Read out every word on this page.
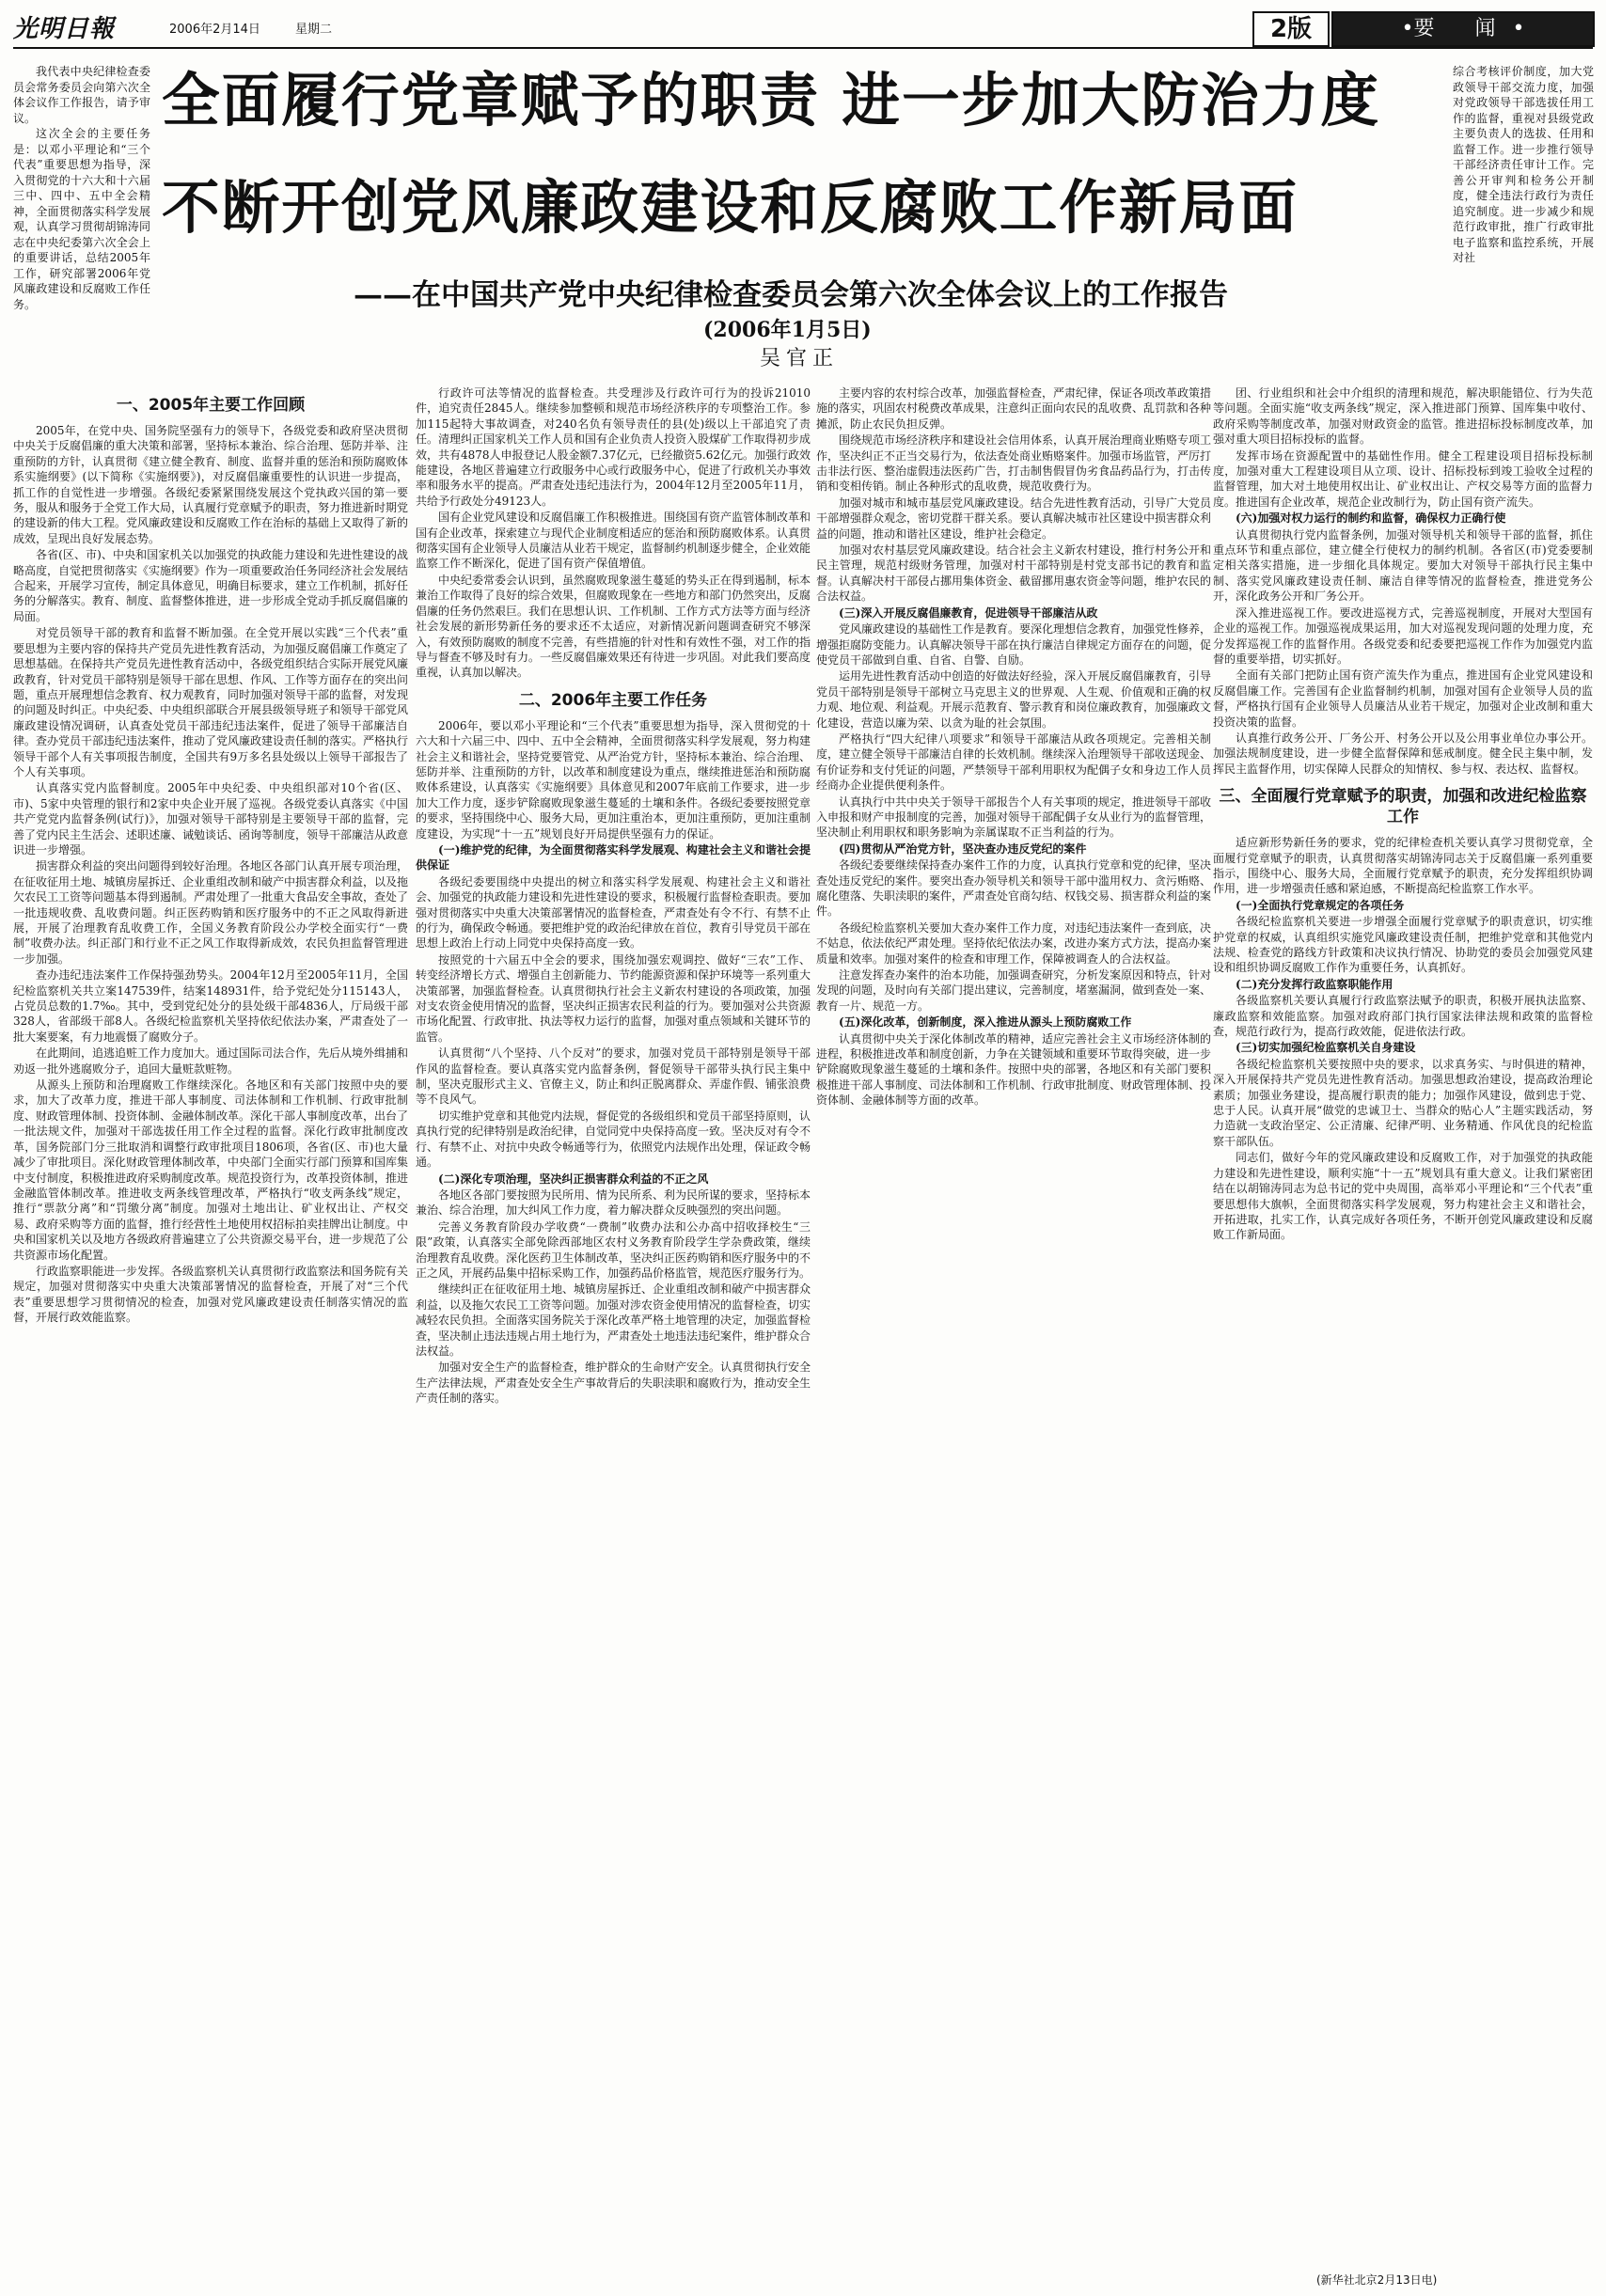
光明日報	2006年2月14日	星期二	2版	•要 闻•

我代表中央纪律检查委员会常务委员会向第六次全体会议作工作报告，请予审议。

这次全会的主要任务是：以邓小平理论和“三个代表”重要思想为指导，深入贯彻党的十六大和十六届三中、四中、五中全会精神，全面贯彻落实科学发展观，认真学习贯彻胡锦涛同志在中央纪委第六次全会上的重要讲话，总结2005年工作，研究部署2006年党风廉政建设和反腐败工作任务。

综合考核评价制度，加大党政领导干部交流力度，加强对党政领导干部选拔任用工作的监督，重视对县级党政主要负责人的选拔、任用和监督工作。进一步推行领导干部经济责任审计工作。完善公开审判和检务公开制度，健全违法行政行为责任追究制度。进一步减少和规范行政审批，推广行政审批电子监察和监控系统，开展对社

全面履行党章赋予的职责 进一步加大防治力度
不断开创党风廉政建设和反腐败工作新局面
——在中国共产党中央纪律检查委员会第六次全体会议上的工作报告
(2006年1月5日)
吴官正
一、2005年主要工作回顾

2005年，在党中央、国务院坚强有力的领导下，各级党委和政府坚决贯彻中央关于反腐倡廉的重大决策和部署，坚持标本兼治、综合治理、惩防并举、注重预防的方针，认真贯彻《建立健全教育、制度、监督并重的惩治和预防腐败体系实施纲要》(以下简称《实施纲要》)，对反腐倡廉重要性的认识进一步提高，抓工作的自觉性进一步增强。各级纪委紧紧围绕发展这个党执政兴国的第一要务，服从和服务于全党工作大局，认真履行党章赋予的职责，努力推进新时期党的建设新的伟大工程。党风廉政建设和反腐败工作在治标的基础上又取得了新的成效，呈现出良好发展态势。

各省(区、市)、中央和国家机关以加强党的执政能力建设和先进性建设的战略高度，自觉把贯彻落实《实施纲要》作为一项重要政治任务同经济社会发展结合起来，开展学习宣传，制定具体意见，明确目标要求，建立工作机制，抓好任务的分解落实。教育、制度、监督整体推进，进一步形成全党动手抓反腐倡廉的局面。

对党员领导干部的教育和监督不断加强。在全党开展以实践“三个代表”重要思想为主要内容的保持共产党员先进性教育活动，为加强反腐倡廉工作奠定了思想基础。在保持共产党员先进性教育活动中，各级党组织结合实际开展党风廉政教育，针对党员干部特别是领导干部在思想、作风、工作等方面存在的突出问题，重点开展理想信念教育、权力观教育，同时加强对领导干部的监督，对发现的问题及时纠正。中央纪委、中央组织部联合开展县级领导班子和领导干部党风廉政建设情况调研，认真查处党员干部违纪违法案件，促进了领导干部廉洁自律。查办党员干部违纪违法案件，推动了党风廉政建设责任制的落实。严格执行领导干部个人有关事项报告制度，全国共有9万多名县处级以上领导干部报告了个人有关事项。

认真落实党内监督制度。2005年中央纪委、中央组织部对10个省(区、市)、5家中央管理的银行和2家中央企业开展了巡视。各级党委认真落实《中国共产党党内监督条例(试行)》，加强对领导干部特别是主要领导干部的监督，完善了党内民主生活会、述职述廉、诫勉谈话、函询等制度，领导干部廉洁从政意识进一步增强。

损害群众利益的突出问题得到较好治理。各地区各部门认真开展专项治理，在征收征用土地、城镇房屋拆迁、企业重组改制和破产中损害群众利益，以及拖欠农民工工资等问题基本得到遏制。严肃处理了一批重大食品安全事故，查处了一批违规收费、乱收费问题。纠正医药购销和医疗服务中的不正之风取得新进展，开展了治理教育乱收费工作，全国义务教育阶段公办学校全面实行“一费制”收费办法。纠正部门和行业不正之风工作取得新成效，农民负担监督管理进一步加强。

查办违纪违法案件工作保持强劲势头。2004年12月至2005年11月，全国纪检监察机关共立案147539件，结案148931件，给予党纪处分115143人，占党员总数的1.7‰。其中，受到党纪处分的县处级干部4836人，厅局级干部328人，省部级干部8人。各级纪检监察机关坚持依纪依法办案，严肃查处了一批大案要案，有力地震慑了腐败分子。

在此期间，追逃追赃工作力度加大。通过国际司法合作，先后从境外缉捕和劝返一批外逃腐败分子，追回大量赃款赃物。

从源头上预防和治理腐败工作继续深化。各地区和有关部门按照中央的要求，加大了改革力度，推进干部人事制度、司法体制和工作机制、行政审批制度、财政管理体制、投资体制、金融体制改革。深化干部人事制度改革，出台了一批法规文件，加强对干部选拔任用工作全过程的监督。深化行政审批制度改革，国务院部门分三批取消和调整行政审批项目1806项，各省(区、市)也大量减少了审批项目。深化财政管理体制改革，中央部门全面实行部门预算和国库集中支付制度，积极推进政府采购制度改革。规范投资行为，改革投资体制，推进金融监管体制改革。推进收支两条线管理改革，严格执行“收支两条线”规定，推行“票款分离”和“罚缴分离”制度。加强对土地出让、矿业权出让、产权交易、政府采购等方面的监督，推行经营性土地使用权招标拍卖挂牌出让制度。中央和国家机关以及地方各级政府普遍建立了公共资源交易平台，进一步规范了公共资源市场化配置。

行政监察职能进一步发挥。各级监察机关认真贯彻行政监察法和国务院有关规定，加强对贯彻落实中央重大决策部署情况的监督检查，开展了对“三个代表”重要思想学习贯彻情况的检查，加强对党风廉政建设责任制落实情况的监督，开展行政效能监察。

行政许可法等情况的监督检查。共受理涉及行政许可行为的投诉21010件，追究责任2845人。继续参加整顿和规范市场经济秩序的专项整治工作。参加115起特大事故调查，对240名负有领导责任的县(处)级以上干部追究了责任。清理纠正国家机关工作人员和国有企业负责人投资入股煤矿工作取得初步成效，共有4878人申报登记人股金额7.37亿元，已经撤资5.62亿元。加强行政效能建设，各地区普遍建立行政服务中心或行政服务中心，促进了行政机关办事效率和服务水平的提高。严肃查处违纪违法行为，2004年12月至2005年11月，共给予行政处分49123人。

国有企业党风建设和反腐倡廉工作积极推进。围绕国有资产监管体制改革和国有企业改革，探索建立与现代企业制度相适应的惩治和预防腐败体系。认真贯彻落实国有企业领导人员廉洁从业若干规定，监督制约机制逐步健全，企业效能监察工作不断深化，促进了国有资产保值增值。

中央纪委常委会认识到，虽然腐败现象滋生蔓延的势头正在得到遏制，标本兼治工作取得了良好的综合效果，但腐败现象在一些地方和部门仍然突出，反腐倡廉的任务仍然艰巨。我们在思想认识、工作机制、工作方式方法等方面与经济社会发展的新形势新任务的要求还不太适应，对新情况新问题调查研究不够深入，有效预防腐败的制度不完善，有些措施的针对性和有效性不强，对工作的指导与督查不够及时有力。一些反腐倡廉效果还有待进一步巩固。对此我们要高度重视，认真加以解决。

二、2006年主要工作任务

2006年，要以邓小平理论和“三个代表”重要思想为指导，深入贯彻党的十六大和十六届三中、四中、五中全会精神，全面贯彻落实科学发展观，努力构建社会主义和谐社会，坚持党要管党、从严治党方针，坚持标本兼治、综合治理、惩防并举、注重预防的方针，以改革和制度建设为重点，继续推进惩治和预防腐败体系建设，认真落实《实施纲要》具体意见和2007年底前工作要求，进一步加大工作力度，逐步铲除腐败现象滋生蔓延的土壤和条件。各级纪委要按照党章的要求，坚持围绕中心、服务大局，更加注重治本，更加注重预防，更加注重制度建设，为实现“十一五”规划良好开局提供坚强有力的保证。

(一)维护党的纪律，为全面贯彻落实科学发展观、构建社会主义和谐社会提供保证

各级纪委要围绕中央提出的树立和落实科学发展观、构建社会主义和谐社会、加强党的执政能力建设和先进性建设的要求，积极履行监督检查职责。要加强对贯彻落实中央重大决策部署情况的监督检查，严肃查处有令不行、有禁不止的行为，确保政令畅通。要把维护党的政治纪律放在首位，教育引导党员干部在思想上政治上行动上同党中央保持高度一致。

按照党的十六届五中全会的要求，围绕加强宏观调控、做好“三农”工作、转变经济增长方式、增强自主创新能力、节约能源资源和保护环境等一系列重大决策部署，加强监督检查。认真贯彻执行社会主义新农村建设的各项政策，加强对支农资金使用情况的监督，坚决纠正损害农民利益的行为。要加强对公共资源市场化配置、行政审批、执法等权力运行的监督，加强对重点领域和关键环节的监管。

认真贯彻“八个坚持、八个反对”的要求，加强对党员干部特别是领导干部作风的监督检查。要认真落实党内监督条例，督促领导干部带头执行民主集中制，坚决克服形式主义、官僚主义，防止和纠正脱离群众、弄虚作假、铺张浪费等不良风气。

切实维护党章和其他党内法规，督促党的各级组织和党员干部坚持原则，认真执行党的纪律特别是政治纪律，自觉同党中央保持高度一致。坚决反对有令不行、有禁不止、对抗中央政令畅通等行为，依照党内法规作出处理，保证政令畅通。

(二)深化专项治理，坚决纠正损害群众利益的不正之风

各地区各部门要按照为民所用、情为民所系、利为民所谋的要求，坚持标本兼治、综合治理，加大纠风工作力度，着力解决群众反映强烈的突出问题。

完善义务教育阶段办学收费“一费制”收费办法和公办高中招收择校生“三限”政策，认真落实全部免除西部地区农村义务教育阶段学生学杂费政策，继续治理教育乱收费。深化医药卫生体制改革，坚决纠正医药购销和医疗服务中的不正之风，开展药品集中招标采购工作，加强药品价格监管，规范医疗服务行为。

继续纠正在征收征用土地、城镇房屋拆迁、企业重组改制和破产中损害群众利益，以及拖欠农民工工资等问题。加强对涉农资金使用情况的监督检查，切实减轻农民负担。全面落实国务院关于深化改革严格土地管理的决定，加强监督检查，坚决制止违法违规占用土地行为，严肃查处土地违法违纪案件，维护群众合法权益。

加强对安全生产的监督检查，维护群众的生命财产安全。认真贯彻执行安全生产法律法规，严肃查处安全生产事故背后的失职渎职和腐败行为，推动安全生产责任制的落实。

主要内容的农村综合改革，加强监督检查，严肃纪律，保证各项改革政策措施的落实，巩固农村税费改革成果，注意纠正面向农民的乱收费、乱罚款和各种摊派，防止农民负担反弹。

围绕规范市场经济秩序和建设社会信用体系，认真开展治理商业贿赂专项工作，坚决纠正不正当交易行为，依法查处商业贿赂案件。加强市场监管，严厉打击非法行医、整治虚假违法医药广告，打击制售假冒伪劣食品药品行为，打击传销和变相传销。制止各种形式的乱收费，规范收费行为。

加强对城市和城市基层党风廉政建设。结合先进性教育活动，引导广大党员干部增强群众观念，密切党群干群关系。要认真解决城市社区建设中损害群众利益的问题，推动和谐社区建设，维护社会稳定。

加强对农村基层党风廉政建设。结合社会主义新农村建设，推行村务公开和民主管理，规范村级财务管理，加强对村干部特别是村党支部书记的教育和监督。认真解决村干部侵占挪用集体资金、截留挪用惠农资金等问题，维护农民的合法权益。

(三)深入开展反腐倡廉教育，促进领导干部廉洁从政

党风廉政建设的基础性工作是教育。要深化理想信念教育，加强党性修养，增强拒腐防变能力。认真解决领导干部在执行廉洁自律规定方面存在的问题，促使党员干部做到自重、自省、自警、自励。

运用先进性教育活动中创造的好做法好经验，深入开展反腐倡廉教育，引导党员干部特别是领导干部树立马克思主义的世界观、人生观、价值观和正确的权力观、地位观、利益观。开展示范教育、警示教育和岗位廉政教育，加强廉政文化建设，营造以廉为荣、以贪为耻的社会氛围。

严格执行“四大纪律八项要求”和领导干部廉洁从政各项规定。完善相关制度，建立健全领导干部廉洁自律的长效机制。继续深入治理领导干部收送现金、有价证券和支付凭证的问题，严禁领导干部利用职权为配偶子女和身边工作人员经商办企业提供便利条件。

认真执行中共中央关于领导干部报告个人有关事项的规定，推进领导干部收入申报和财产申报制度的完善，加强对领导干部配偶子女从业行为的监督管理，坚决制止利用职权和职务影响为亲属谋取不正当利益的行为。

(四)贯彻从严治党方针，坚决查办违反党纪的案件

各级纪委要继续保持查办案件工作的力度，认真执行党章和党的纪律，坚决查处违反党纪的案件。要突出查办领导机关和领导干部中滥用权力、贪污贿赂、腐化堕落、失职渎职的案件，严肃查处官商勾结、权钱交易、损害群众利益的案件。

各级纪检监察机关要加大查办案件工作力度，对违纪违法案件一查到底，决不姑息，依法依纪严肃处理。坚持依纪依法办案，改进办案方式方法，提高办案质量和效率。加强对案件的检查和审理工作，保障被调查人的合法权益。

注意发挥查办案件的治本功能，加强调查研究，分析发案原因和特点，针对发现的问题，及时向有关部门提出建议，完善制度，堵塞漏洞，做到查处一案、教育一片、规范一方。

(五)深化改革，创新制度，深入推进从源头上预防腐败工作

认真贯彻中央关于深化体制改革的精神，适应完善社会主义市场经济体制的进程，积极推进改革和制度创新，力争在关键领域和重要环节取得突破，进一步铲除腐败现象滋生蔓延的土壤和条件。按照中央的部署，各地区和有关部门要积极推进干部人事制度、司法体制和工作机制、行政审批制度、财政管理体制、投资体制、金融体制等方面的改革。

团、行业组织和社会中介组织的清理和规范，解决职能错位、行为失范等问题。全面实施“收支两条线”规定，深入推进部门预算、国库集中收付、政府采购等制度改革，加强对财政资金的监管。推进招标投标制度改革，加强对重大项目招标投标的监督。

发挥市场在资源配置中的基础性作用。健全工程建设项目招标投标制度，加强对重大工程建设项目从立项、设计、招标投标到竣工验收全过程的监督管理，加大对土地使用权出让、矿业权出让、产权交易等方面的监督力度。推进国有企业改革，规范企业改制行为，防止国有资产流失。

(六)加强对权力运行的制约和监督，确保权力正确行使

认真贯彻执行党内监督条例，加强对领导机关和领导干部的监督，抓住重点环节和重点部位，建立健全行使权力的制约机制。各省区(市)党委要制定相关落实措施，进一步细化具体规定。要加大对领导干部执行民主集中制、落实党风廉政建设责任制、廉洁自律等情况的监督检查，推进党务公开，深化政务公开和厂务公开。

深入推进巡视工作。要改进巡视方式，完善巡视制度，开展对大型国有企业的巡视工作。加强巡视成果运用，加大对巡视发现问题的处理力度，充分发挥巡视工作的监督作用。各级党委和纪委要把巡视工作作为加强党内监督的重要举措，切实抓好。

全面有关部门把防止国有资产流失作为重点，推进国有企业党风建设和反腐倡廉工作。完善国有企业监督制约机制，加强对国有企业领导人员的监督，严格执行国有企业领导人员廉洁从业若干规定，加强对企业改制和重大投资决策的监督。

认真推行政务公开、厂务公开、村务公开以及公用事业单位办事公开。加强法规制度建设，进一步健全监督保障和惩戒制度。健全民主集中制，发挥民主监督作用，切实保障人民群众的知情权、参与权、表达权、监督权。

三、全面履行党章赋予的职责，加强和改进纪检监察工作

适应新形势新任务的要求，党的纪律检查机关要认真学习贯彻党章，全面履行党章赋予的职责，认真贯彻落实胡锦涛同志关于反腐倡廉一系列重要指示，围绕中心、服务大局，全面履行党章赋予的职责，充分发挥组织协调作用，进一步增强责任感和紧迫感，不断提高纪检监察工作水平。

(一)全面执行党章规定的各项任务

各级纪检监察机关要进一步增强全面履行党章赋予的职责意识，切实维护党章的权威，认真组织实施党风廉政建设责任制，把维护党章和其他党内法规、检查党的路线方针政策和决议执行情况、协助党的委员会加强党风建设和组织协调反腐败工作作为重要任务，认真抓好。

(二)充分发挥行政监察职能作用

各级监察机关要认真履行行政监察法赋予的职责，积极开展执法监察、廉政监察和效能监察。加强对政府部门执行国家法律法规和政策的监督检查，规范行政行为，提高行政效能，促进依法行政。

(三)切实加强纪检监察机关自身建设

各级纪检监察机关要按照中央的要求，以求真务实、与时俱进的精神，深入开展保持共产党员先进性教育活动。加强思想政治建设，提高政治理论素质；加强业务建设，提高履行职责的能力；加强作风建设，做到忠于党、忠于人民。认真开展“做党的忠诚卫士、当群众的贴心人”主题实践活动，努力造就一支政治坚定、公正清廉、纪律严明、业务精通、作风优良的纪检监察干部队伍。

同志们，做好今年的党风廉政建设和反腐败工作，对于加强党的执政能力建设和先进性建设，顺利实施“十一五”规划具有重大意义。让我们紧密团结在以胡锦涛同志为总书记的党中央周围，高举邓小平理论和“三个代表”重要思想伟大旗帜，全面贯彻落实科学发展观，努力构建社会主义和谐社会，开拓进取，扎实工作，认真完成好各项任务，不断开创党风廉政建设和反腐败工作新局面。

(新华社北京2月13日电)
